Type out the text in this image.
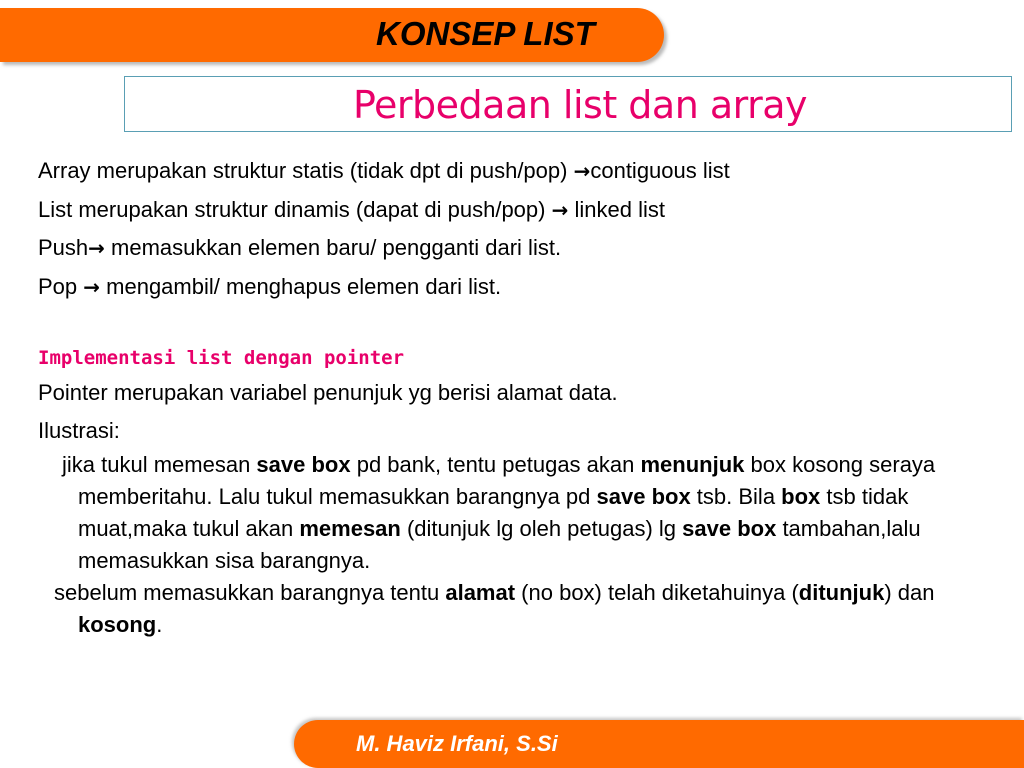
KONSEP LIST
Perbedaan list dan array
Array merupakan struktur statis (tidak dpt di push/pop) →contiguous list
List merupakan struktur dinamis (dapat di push/pop) → linked list
Push→ memasukkan elemen baru/ pengganti dari list.
Pop → mengambil/ menghapus elemen dari list.
Implementasi list dengan pointer
Pointer merupakan variabel penunjuk yg berisi alamat data.
Ilustrasi:
jika tukul memesan save box pd bank, tentu petugas akan menunjuk box kosong seraya memberitahu. Lalu tukul memasukkan barangnya pd save box tsb. Bila box tsb tidak muat,maka tukul akan memesan (ditunjuk lg oleh petugas) lg save box tambahan,lalu memasukkan sisa barangnya.
sebelum memasukkan barangnya tentu alamat (no box) telah diketahuinya (ditunjuk) dan kosong.
M. Haviz Irfani, S.Si
